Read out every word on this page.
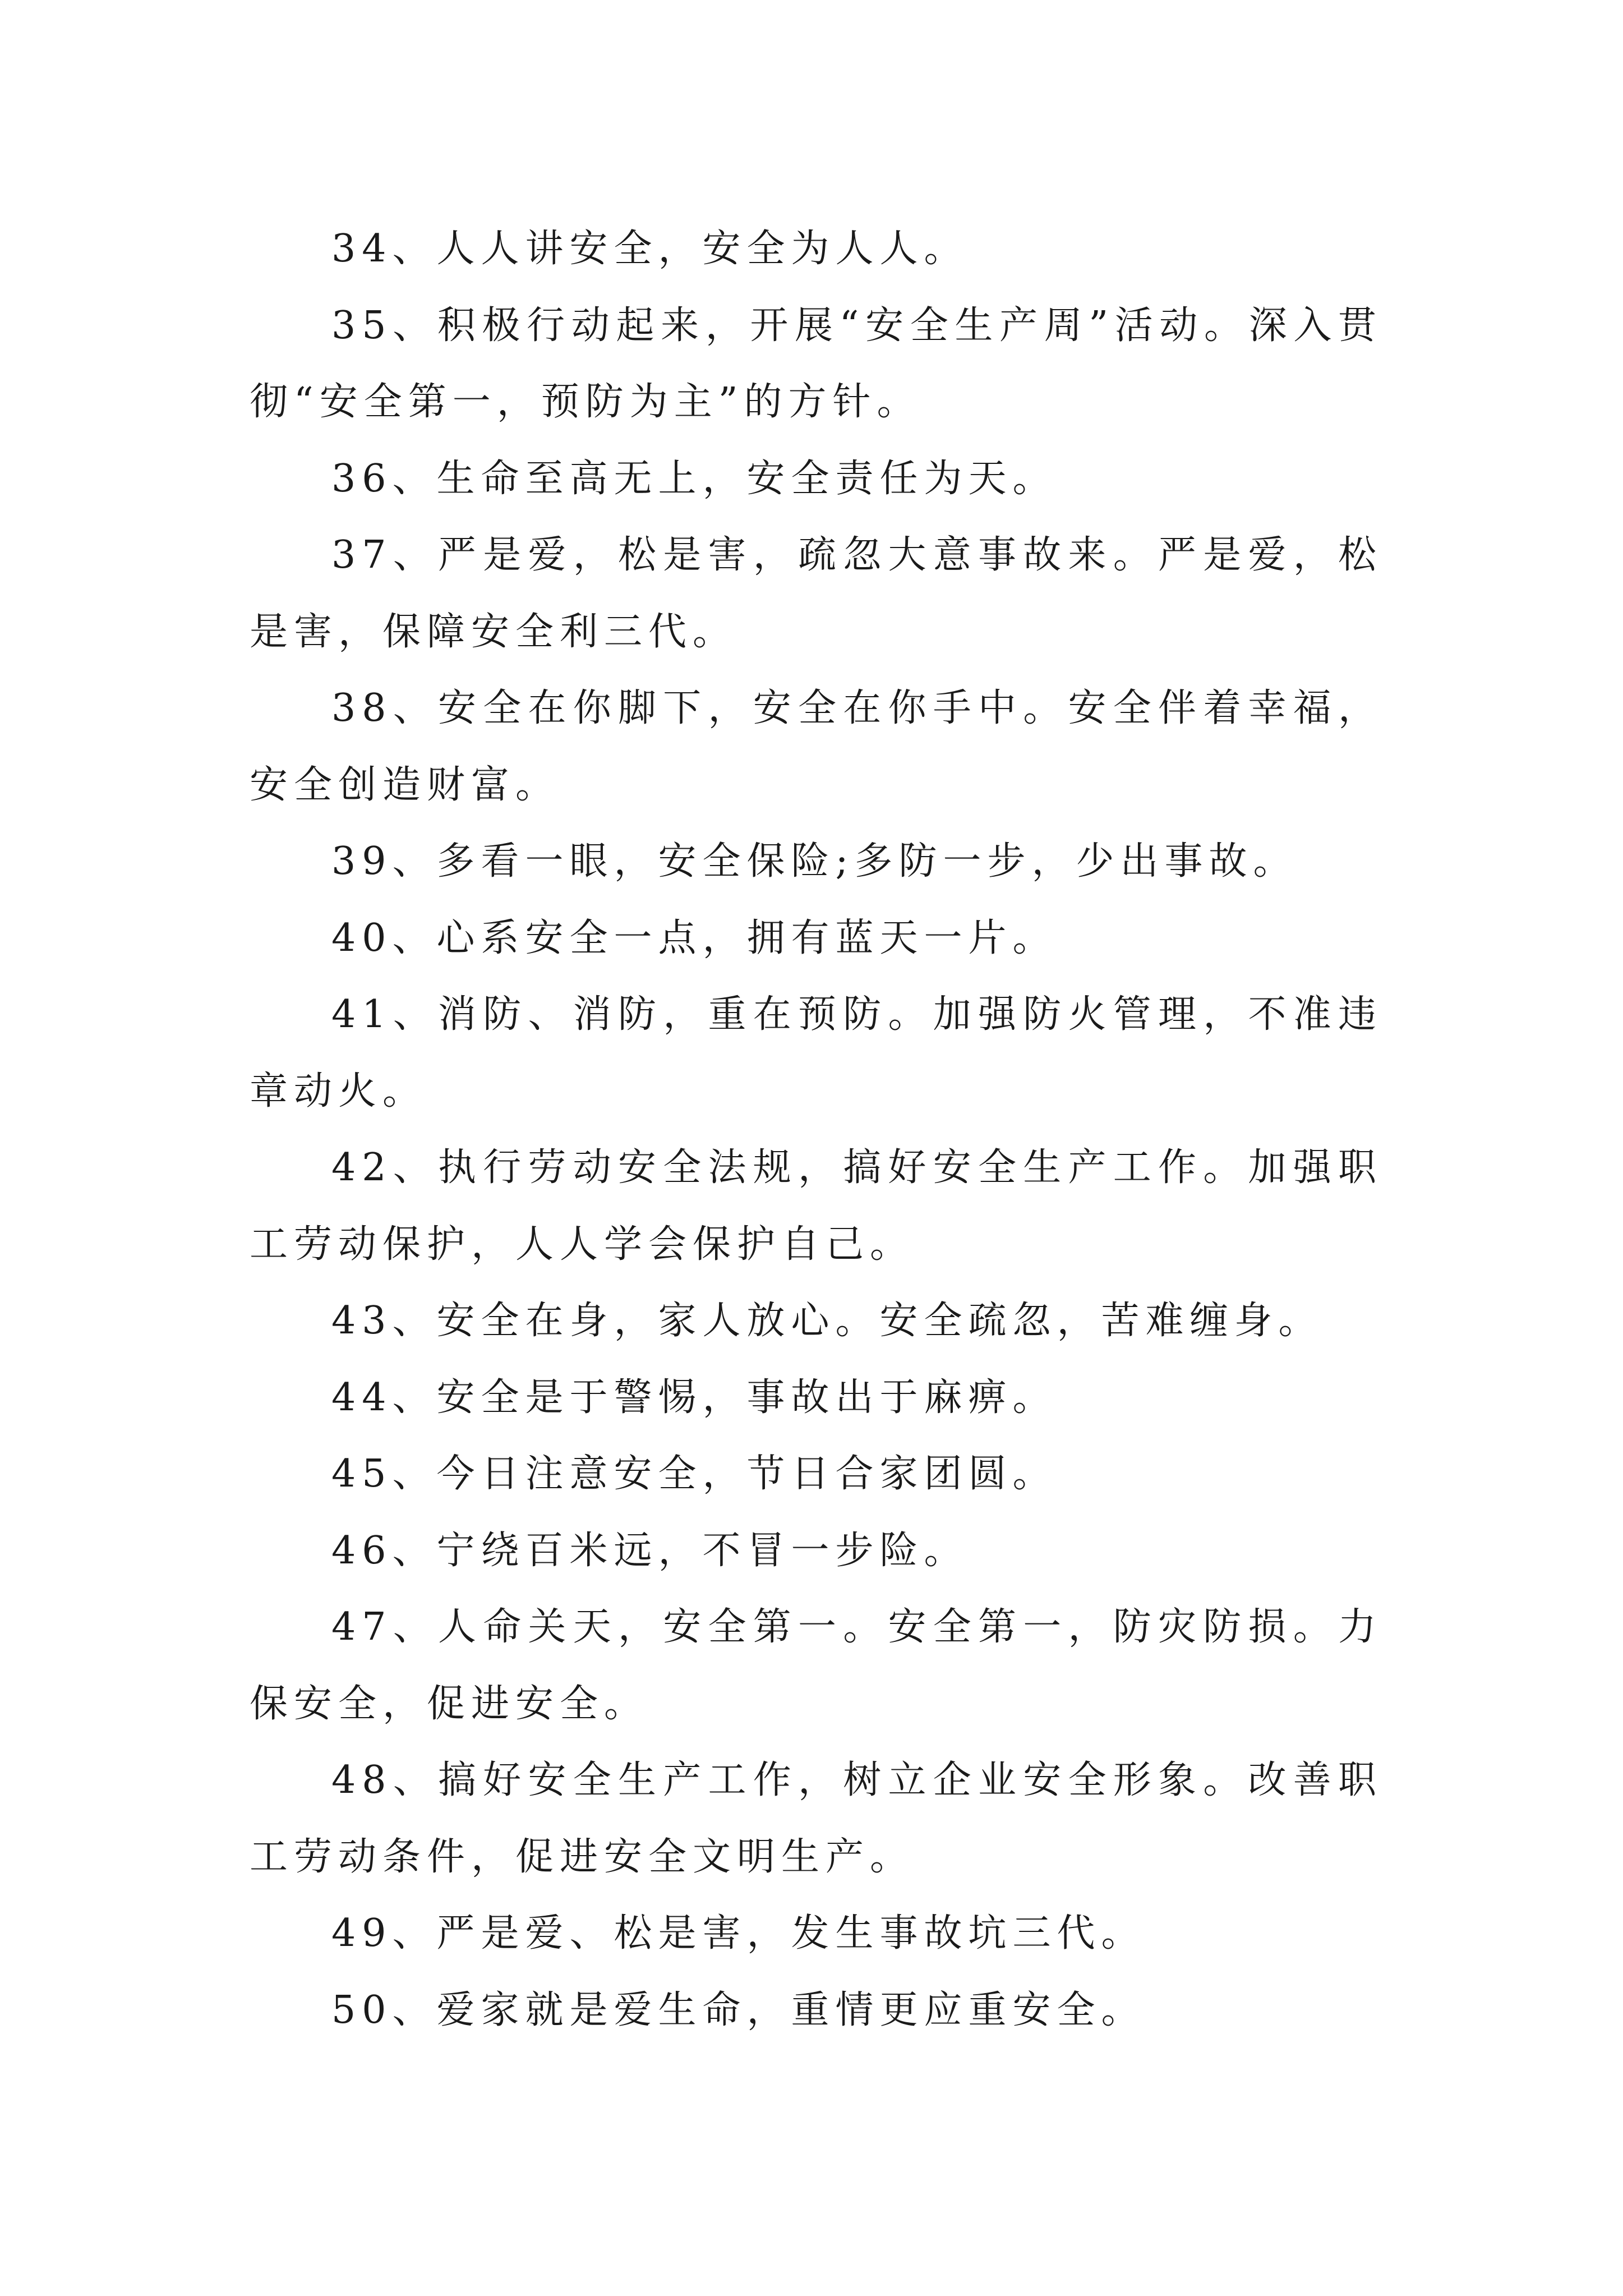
34、人人讲安全，安全为人人。

35、积极行动起来，开展“安全生产周”活动。深入贯彻“安全第一，预防为主”的方针。

36、生命至高无上，安全责任为天。

37、严是爱，松是害，疏忽大意事故来。严是爱，松是害，保障安全利三代。

38、安全在你脚下，安全在你手中。安全伴着幸福，安全创造财富。

39、多看一眼，安全保险;多防一步，少出事故。

40、心系安全一点，拥有蓝天一片。

41、消防、消防，重在预防。加强防火管理，不准违章动火。

42、执行劳动安全法规，搞好安全生产工作。加强职工劳动保护，人人学会保护自己。

43、安全在身，家人放心。安全疏忽，苦难缠身。

44、安全是于警惕，事故出于麻痹。

45、今日注意安全，节日合家团圆。

46、宁绕百米远，不冒一步险。

47、人命关天，安全第一。安全第一，防灾防损。力保安全，促进安全。

48、搞好安全生产工作，树立企业安全形象。改善职工劳动条件，促进安全文明生产。

49、严是爱、松是害，发生事故坑三代。

50、爱家就是爱生命，重情更应重安全。
